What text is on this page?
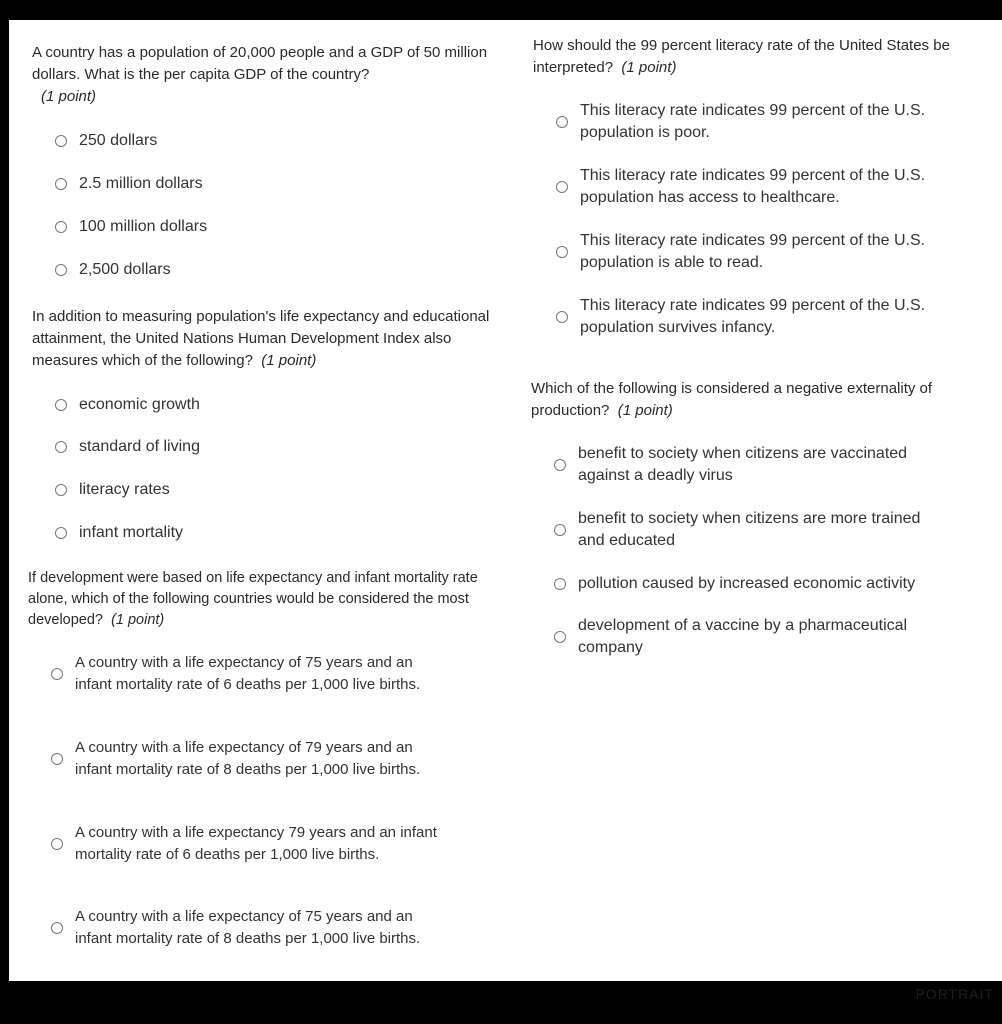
A country has a population of 20,000 people and a GDP of 50 million dollars. What is the per capita GDP of the country?
(1 point)
250 dollars
2.5 million dollars
100 million dollars
2,500 dollars
In addition to measuring population's life expectancy and educational attainment, the United Nations Human Development Index also measures which of the following? (1 point)
economic growth
standard of living
literacy rates
infant mortality
If development were based on life expectancy and infant mortality rate alone, which of the following countries would be considered the most developed? (1 point)
A country with a life expectancy of 75 years and an infant mortality rate of 6 deaths per 1,000 live births.
A country with a life expectancy of 79 years and an infant mortality rate of 8 deaths per 1,000 live births.
A country with a life expectancy 79 years and an infant mortality rate of 6 deaths per 1,000 live births.
A country with a life expectancy of 75 years and an infant mortality rate of 8 deaths per 1,000 live births.
How should the 99 percent literacy rate of the United States be interpreted? (1 point)
This literacy rate indicates 99 percent of the U.S. population is poor.
This literacy rate indicates 99 percent of the U.S. population has access to healthcare.
This literacy rate indicates 99 percent of the U.S. population is able to read.
This literacy rate indicates 99 percent of the U.S. population survives infancy.
Which of the following is considered a negative externality of production? (1 point)
benefit to society when citizens are vaccinated against a deadly virus
benefit to society when citizens are more trained and educated
pollution caused by increased economic activity
development of a vaccine by a pharmaceutical company
PORTRAIT
